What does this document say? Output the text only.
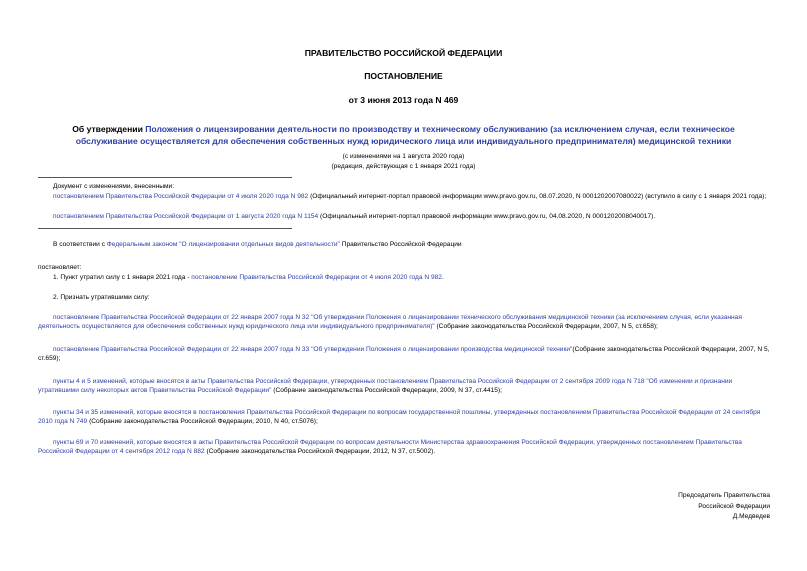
ПРАВИТЕЛЬСТВО РОССИЙСКОЙ ФЕДЕРАЦИИ
ПОСТАНОВЛЕНИЕ
от 3 июня 2013 года N 469
Об утверждении Положения о лицензировании деятельности по производству и техническому обслуживанию (за исключением случая, если техническое обслуживание осуществляется для обеспечения собственных нужд юридического лица или индивидуального предпринимателя) медицинской техники
(с изменениями на 1 августа 2020 года)
(редакция, действующая с 1 января 2021 года)
Документ с изменениями, внесенными:
постановлением Правительства Российской Федерации от 4 июля 2020 года N 982 (Официальный интернет-портал правовой информации www.pravo.gov.ru, 08.07.2020, N 0001202007080022) (вступило в силу с 1 января 2021 года);
постановлением Правительства Российской Федерации от 1 августа 2020 года N 1154 (Официальный интернет-портал правовой информации www.pravo.gov.ru, 04.08.2020, N 0001202008040017).
В соответствии с Федеральным законом "О лицензировании отдельных видов деятельности" Правительство Российской Федерации
постановляет:
1. Пункт утратил силу с 1 января 2021 года - постановление Правительства Российской Федерации от 4 июля 2020 года N 982.
2. Признать утратившими силу:
постановление Правительства Российской Федерации от 22 января 2007 года N 32 "Об утверждении Положения о лицензировании технического обслуживания медицинской техники (за исключением случая, если указанная деятельность осуществляется для обеспечения собственных нужд юридического лица или индивидуального предпринимателя)" (Собрание законодательства Российской Федерации, 2007, N 5, ст.658);
постановление Правительства Российской Федерации от 22 января 2007 года N 33 "Об утверждении Положения о лицензировании производства медицинской техники"(Собрание законодательства Российской Федерации, 2007, N 5, ст.659);
пункты 4 и 5 изменений, которые вносятся в акты Правительства Российской Федерации, утвержденных постановлением Правительства Российской Федерации от 2 сентября 2009 года N 718 "Об изменении и признании утратившими силу некоторых актов Правительства Российской Федерации" (Собрание законодательства Российской Федерации, 2009, N 37, ст.4415);
пункты 34 и 35 изменений, которые вносятся в постановления Правительства Российской Федерации по вопросам государственной пошлины, утвержденных постановлением Правительства Российской Федерации от 24 сентября 2010 года N 749 (Собрание законодательства Российской Федерации, 2010, N 40, ст.5076);
пункты 69 и 70 изменений, которые вносятся в акты Правительства Российской Федерации по вопросам деятельности Министерства здравоохранения Российской Федерации, утвержденных постановлением Правительства Российской Федерации от 4 сентября 2012 года N 882 (Собрание законодательства Российской Федерации, 2012, N 37, ст.5002).
Председатель Правительства
Российской Федерации
Д.Медведев
